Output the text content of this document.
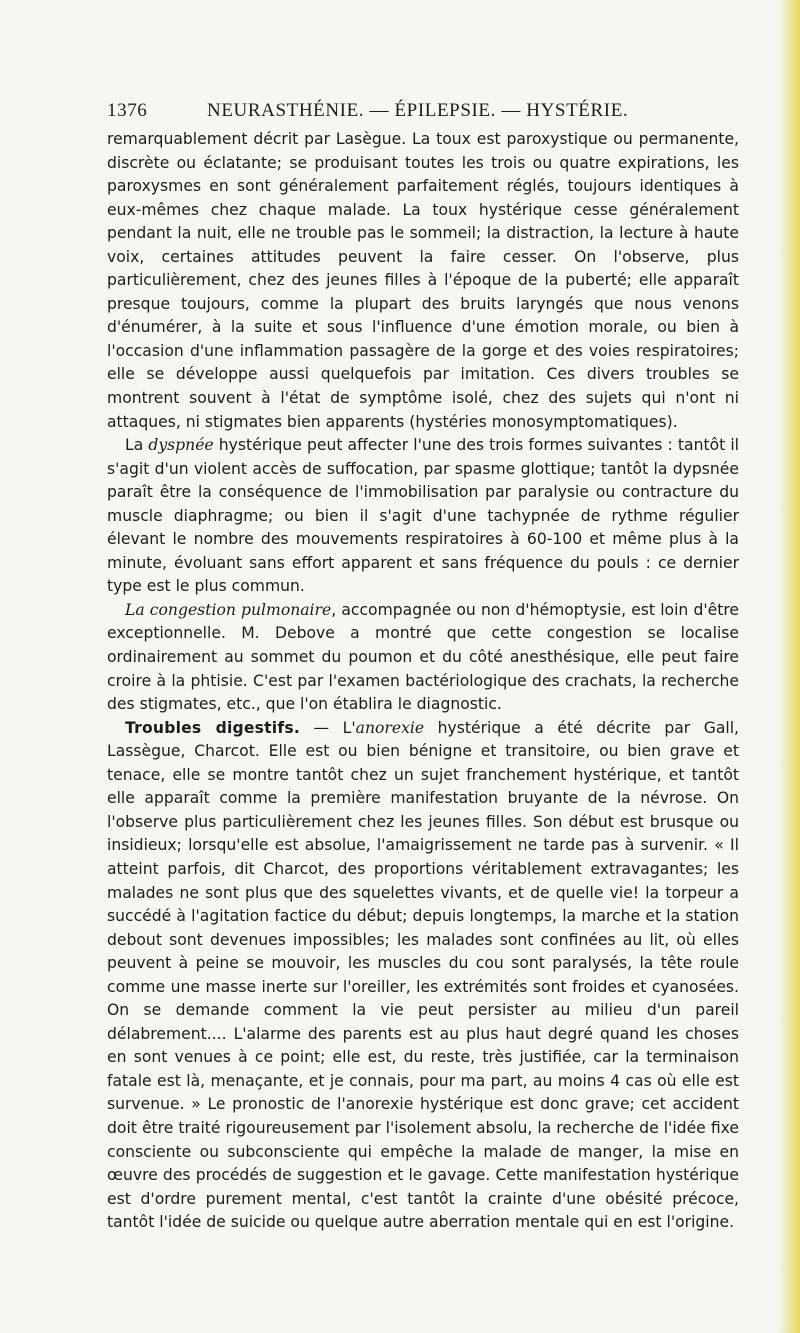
1376	NEURASTHÉNIE. — ÉPILEPSIE. — HYSTÉRIE.

remarquablement décrit par Lasègue. La toux est paroxystique ou permanente, discrète ou éclatante; se produisant toutes les trois ou quatre expirations, les paroxysmes en sont généralement parfaitement réglés, toujours identiques à eux-mêmes chez chaque malade. La toux hystérique cesse généralement pendant la nuit, elle ne trouble pas le sommeil; la distraction, la lecture à haute voix, certaines attitudes peuvent la faire cesser. On l'observe, plus particulièrement, chez des jeunes filles à l'époque de la puberté; elle apparaît presque toujours, comme la plupart des bruits laryngés que nous venons d'énumérer, à la suite et sous l'influence d'une émotion morale, ou bien à l'occasion d'une inflammation passagère de la gorge et des voies respiratoires; elle se développe aussi quelquefois par imitation. Ces divers troubles se montrent souvent à l'état de symptôme isolé, chez des sujets qui n'ont ni attaques, ni stigmates bien apparents (hystéries monosymptomatiques).

La dyspnée hystérique peut affecter l'une des trois formes suivantes : tantôt il s'agit d'un violent accès de suffocation, par spasme glottique; tantôt la dypsnée paraît être la conséquence de l'immobilisation par paralysie ou contracture du muscle diaphragme; ou bien il s'agit d'une tachypnée de rythme régulier élevant le nombre des mouvements respiratoires à 60-100 et même plus à la minute, évoluant sans effort apparent et sans fréquence du pouls : ce dernier type est le plus commun.

La congestion pulmonaire, accompagnée ou non d'hémoptysie, est loin d'être exceptionnelle. M. Debove a montré que cette congestion se localise ordinairement au sommet du poumon et du côté anesthésique, elle peut faire croire à la phtisie. C'est par l'examen bactériologique des crachats, la recherche des stigmates, etc., que l'on établira le diagnostic.

Troubles digestifs. — L'anorexie hystérique a été décrite par Gall, Lassègue, Charcot. Elle est ou bien bénigne et transitoire, ou bien grave et tenace, elle se montre tantôt chez un sujet franchement hystérique, et tantôt elle apparaît comme la première manifestation bruyante de la névrose. On l'observe plus particulièrement chez les jeunes filles. Son début est brusque ou insidieux; lorsqu'elle est absolue, l'amaigrissement ne tarde pas à survenir. « Il atteint parfois, dit Charcot, des proportions véritablement extravagantes; les malades ne sont plus que des squelettes vivants, et de quelle vie! la torpeur a succédé à l'agitation factice du début; depuis longtemps, la marche et la station debout sont devenues impossibles; les malades sont confinées au lit, où elles peuvent à peine se mouvoir, les muscles du cou sont paralysés, la tête roule comme une masse inerte sur l'oreiller, les extrémités sont froides et cyanosées. On se demande comment la vie peut persister au milieu d'un pareil délabrement.... L'alarme des parents est au plus haut degré quand les choses en sont venues à ce point; elle est, du reste, très justifiée, car la terminaison fatale est là, menaçante, et je connais, pour ma part, au moins 4 cas où elle est survenue. » Le pronostic de l'anorexie hystérique est donc grave; cet accident doit être traité rigoureusement par l'isolement absolu, la recherche de l'idée fixe consciente ou subconsciente qui empêche la malade de manger, la mise en œuvre des procédés de suggestion et le gavage. Cette manifestation hystérique est d'ordre purement mental, c'est tantôt la crainte d'une obésité précoce, tantôt l'idée de suicide ou quelque autre aberration mentale qui en est l'origine.
